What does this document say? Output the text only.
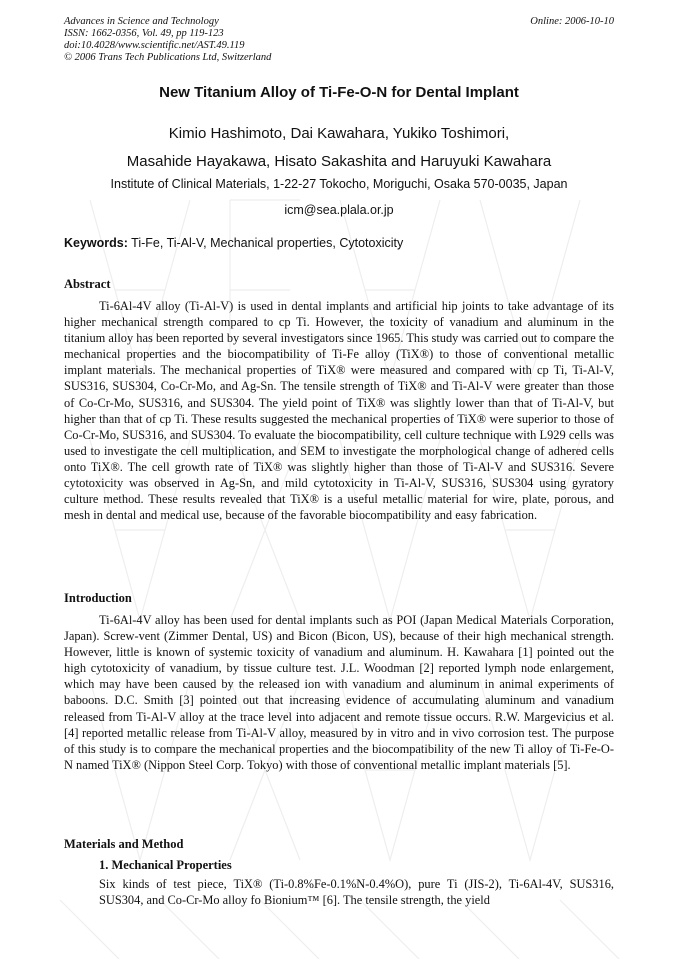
Advances in Science and Technology
ISSN: 1662-0356, Vol. 49, pp 119-123
doi:10.4028/www.scientific.net/AST.49.119
© 2006 Trans Tech Publications Ltd, Switzerland
Online: 2006-10-10
New Titanium Alloy of Ti-Fe-O-N for Dental Implant
Kimio Hashimoto, Dai Kawahara, Yukiko Toshimori,
Masahide Hayakawa, Hisato Sakashita and Haruyuki Kawahara
Institute of Clinical Materials, 1-22-27 Tokocho, Moriguchi, Osaka 570-0035, Japan
icm@sea.plala.or.jp
Keywords: Ti-Fe, Ti-Al-V, Mechanical properties, Cytotoxicity
Abstract

Ti-6Al-4V alloy (Ti-Al-V) is used in dental implants and artificial hip joints to take advantage of its higher mechanical strength compared to cp Ti. However, the toxicity of vanadium and aluminum in the titanium alloy has been reported by several investigators since 1965. This study was carried out to compare the mechanical properties and the biocompatibility of Ti-Fe alloy (TiX®) to those of conventional metallic implant materials. The mechanical properties of TiX® were measured and compared with cp Ti, Ti-Al-V, SUS316, SUS304, Co-Cr-Mo, and Ag-Sn. The tensile strength of TiX® and Ti-Al-V were greater than those of Co-Cr-Mo, SUS316, and SUS304. The yield point of TiX® was slightly lower than that of Ti-Al-V, but higher than that of cp Ti. These results suggested the mechanical properties of TiX® were superior to those of Co-Cr-Mo, SUS316, and SUS304. To evaluate the biocompatibility, cell culture technique with L929 cells was used to investigate the cell multiplication, and SEM to investigate the morphological change of adhered cells onto TiX®. The cell growth rate of TiX® was slightly higher than those of Ti-Al-V and SUS316. Severe cytotoxicity was observed in Ag-Sn, and mild cytotoxicity in Ti-Al-V, SUS316, SUS304 using gyratory culture method. These results revealed that TiX® is a useful metallic material for wire, plate, porous, and mesh in dental and medical use, because of the favorable biocompatibility and easy fabrication.

Introduction

Ti-6Al-4V alloy has been used for dental implants such as POI (Japan Medical Materials Corporation, Japan). Screw-vent (Zimmer Dental, US) and Bicon (Bicon, US), because of their high mechanical strength. However, little is known of systemic toxicity of vanadium and aluminum. H. Kawahara [1] pointed out the high cytotoxicity of vanadium, by tissue culture test. J.L. Woodman [2] reported lymph node enlargement, which may have been caused by the released ion with vanadium and aluminum in animal experiments of baboons. D.C. Smith [3] pointed out that increasing evidence of accumulating aluminum and vanadium released from Ti-Al-V alloy at the trace level into adjacent and remote tissue occurs. R.W. Margevicius et al.[4] reported metallic release from Ti-Al-V alloy, measured by in vitro and in vivo corrosion test. The purpose of this study is to compare the mechanical properties and the biocompatibility of the new Ti alloy of Ti-Fe-O-N named TiX® (Nippon Steel Corp. Tokyo) with those of conventional metallic implant materials [5].

Materials and Method
1. Mechanical Properties

Six kinds of test piece, TiX® (Ti-0.8%Fe-0.1%N-0.4%O), pure Ti (JIS-2), Ti-6Al-4V, SUS316, SUS304, and Co-Cr-Mo alloy fo Bionium™ [6]. The tensile strength, the yield
